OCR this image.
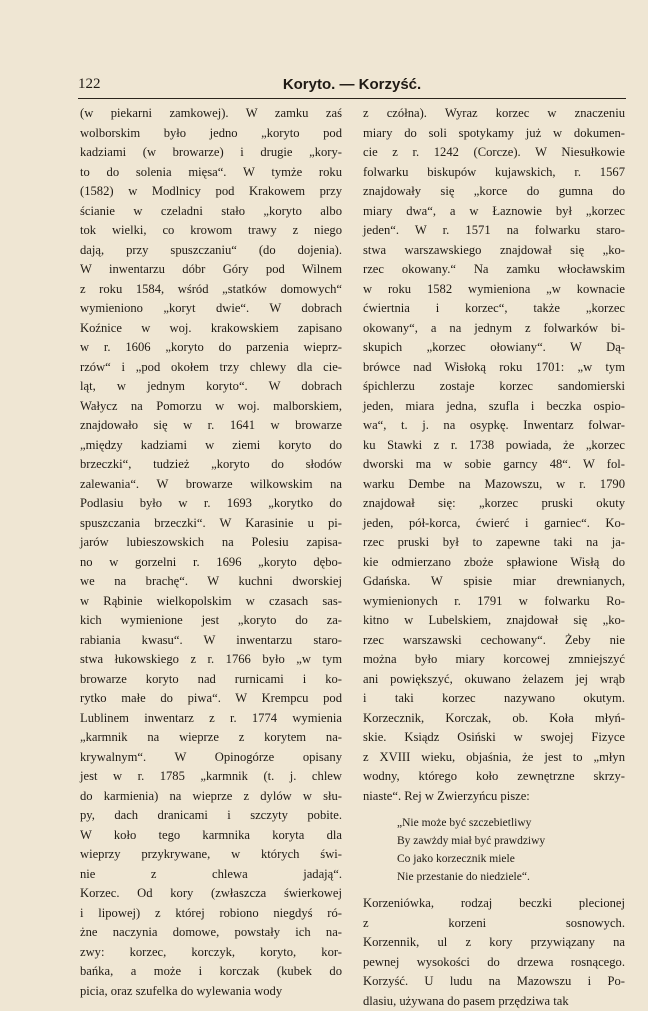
122	Koryto. — Korzyść.
(w piekarni zamkowej). W zamku zaś
wolborskim było jedno „koryto pod
kadziami (w browarze) i drugie „kory-
to do solenia mięsa“. W tymże roku
(1582) w Modlnicy pod Krakowem przy
ścianie w czeladni stało „koryto albo
tok wielki, co krowom trawy z niego
dają, przy spuszczaniu“ (do dojenia).
W inwentarzu dóbr Góry pod Wilnem
z roku 1584, wśród „statków domowych“
wymieniono „koryt dwie“. W dobrach
Koźnice w woj. krakowskiem zapisano
w r. 1606 „koryto do parzenia wieprz-
rzów“ i „pod okołem trzy chlewy dla cie-
ląt, w jednym koryto“. W dobrach
Wałycz na Pomorzu w woj. malborskiem,
znajdowało się w r. 1641 w browarze
„między kadziami w ziemi koryto do
brzeczki“, tudzież „koryto do słodów
zalewania“. W browarze wilkowskim na
Podlasiu było w r. 1693 „korytko do
spuszczania brzeczki“. W Karasinie u pi-
jarów lubieszowskich na Polesiu zapisa-
no w gorzelni r. 1696 „koryto dębo-
we na brachę“. W kuchni dworskiej
w Rąbinie wielkopolskim w czasach sas-
kich wymienione jest „koryto do za-
rabiania kwasu“. W inwentarzu staro-
stwa łukowskiego z r. 1766 było „w tym
browarze koryto nad rurnicami i ko-
rytko małe do piwa“. W Krempcu pod
Lublinem inwentarz z r. 1774 wymienia
„karmnik na wieprze z korytem na-
krywalnym“. W Opinogórze opisany
jest w r. 1785 „karmnik (t. j. chlew
do karmienia) na wieprze z dylów w słu-
py, dach dranicami i szczyty pobite.
W koło tego karmnika koryta dla
wieprzy przykrywane, w których świ-
nie z chlewa jadają“.
Korzec. Od kory (zwłaszcza świerkowej
i lipowej) z której robiono niegdyś ró-
żne naczynia domowe, powstały ich na-
zwy: korzec, korczyk, koryto, kor-
bańka, a może i korczak (kubek do
picia, oraz szufelka do wylewania wody
z czółna). Wyraz korzec w znaczeniu
miary do soli spotykamy już w dokumen-
cie z r. 1242 (Corcze). W Niesułkowie
folwarku biskupów kujawskich, r. 1567
znajdowały się „korce do gumna do
miary dwa“, a w Łaznowie był „korzec
jeden“. W r. 1571 na folwarku staro-
stwa warszawskiego znajdował się „ko-
rzec okowany.“ Na zamku włocławskim
w roku 1582 wymieniona „w kownacie
ćwiertnia i korzec“, także „korzec
okowany“, a na jednym z folwarków bi-
skupich „korzec ołowiany“. W Dą-
brówce nad Wisłoką roku 1701: „w tym
śpichlerzu zostaje korzec sandomierski
jeden, miara jedna, szufla i beczka ospio-
wa“, t. j. na osypkę. Inwentarz folwar-
ku Stawki z r. 1738 powiada, że „korzec
dworski ma w sobie garncy 48“. W fol-
warku Dembe na Mazowszu, w r. 1790
znajdował się: „korzec pruski okuty
jeden, pół-korca, ćwierć i garniec“. Ko-
rzec pruski był to zapewne taki na ja-
kie odmierzano zboże spławione Wisłą do
Gdańska. W spisie miar drewnianych,
wymienionych r. 1791 w folwarku Ro-
kitno w Lubelskiem, znajdował się „ko-
rzec warszawski cechowany“. Żeby nie
można było miary korcowej zmniejszyć
ani powiększyć, okuwano żelazem jej wrąb
i taki korzec nazywano okutym.
Korzecznik, Korczak, ob. Koła młyń-
skie. Ksiądz Osiński w swojej Fizyce
z XVIII wieku, objaśnia, że jest to „młyn
wodny, którego koło zewnętrzne skrzy-
niaste“. Rej w Zwierzyńcu pisze:
„Nie może być szczebietliwy
By zawżdy miał być prawdziwy
Co jako korzecznik miele
Nie przestanie do niedziele“.
Korzeniówka, rodzaj beczki plecionej
z korzeni sosnowych.
Korzennik, ul z kory przywiązany na
pewnej wysokości do drzewa rosnącego.
Korzyść. U ludu na Mazowszu i Po-
dlasiu, używana do pasem przędziwa tak
